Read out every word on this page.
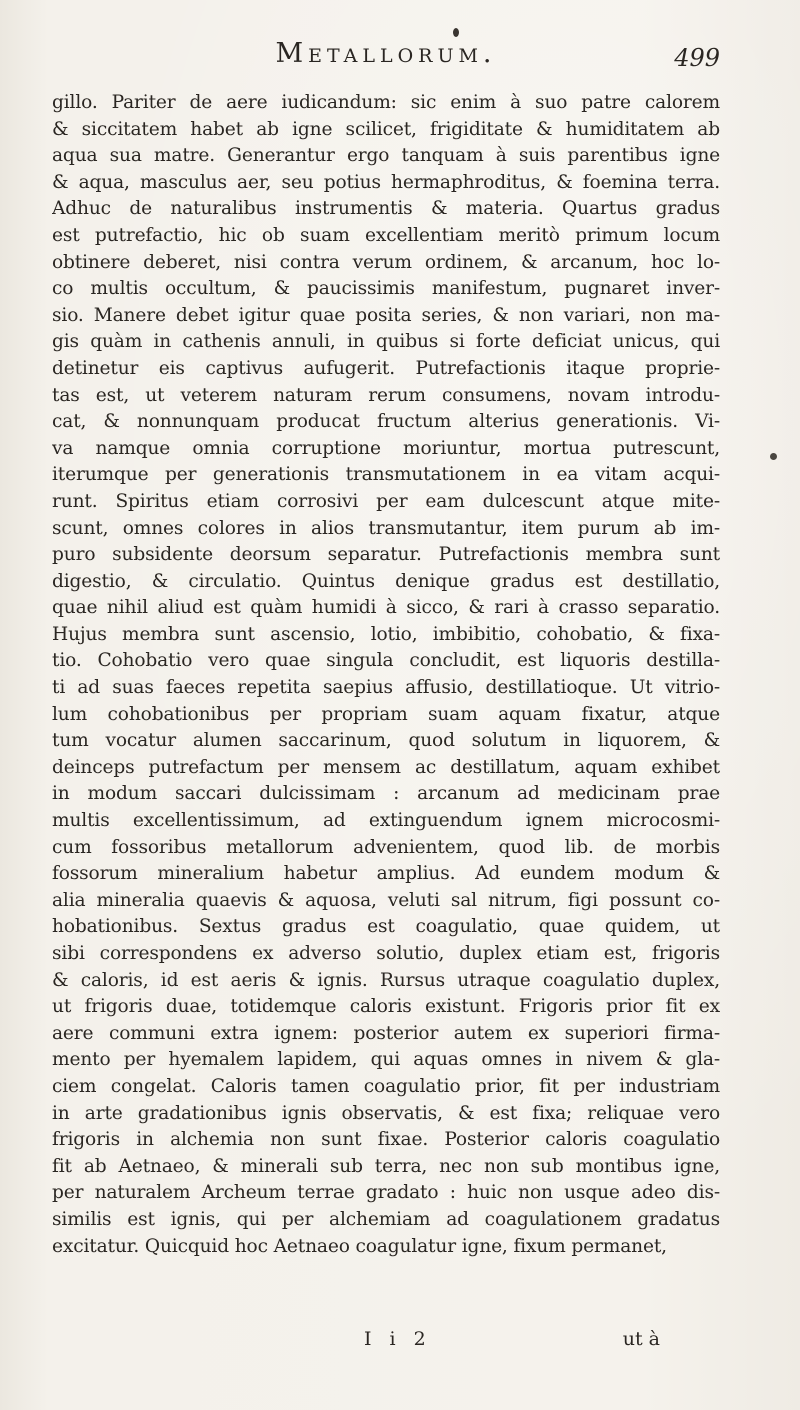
Metallorum.	499
gillo. Pariter de aere iudicandum: sic enim à suo patre calorem
& siccitatem habet ab igne scilicet, frigiditate & humiditatem ab
aqua sua matre. Generantur ergo tanquam à suis parentibus igne
& aqua, masculus aer, seu potius hermaphroditus, & foemina terra.
Adhuc de naturalibus instrumentis & materia. Quartus gradus
est putrefactio, hic ob suam excellentiam meritò primum locum
obtinere deberet, nisi contra verum ordinem, & arcanum, hoc lo-
co multis occultum, & paucissimis manifestum, pugnaret inver-
sio. Manere debet igitur quae posita series, & non variari, non ma-
gis quàm in cathenis annuli, in quibus si forte deficiat unicus, qui
detinetur eis captivus aufugerit. Putrefactionis itaque proprie-
tas est, ut veterem naturam rerum consumens, novam introdu-
cat, & nonnunquam producat fructum alterius generationis. Vi-
va namque omnia corruptione moriuntur, mortua putrescunt,
iterumque per generationis transmutationem in ea vitam acqui-
runt. Spiritus etiam corrosivi per eam dulcescunt atque mite-
scunt, omnes colores in alios transmutantur, item purum ab im-
puro subsidente deorsum separatur. Putrefactionis membra sunt
digestio, & circulatio. Quintus denique gradus est destillatio,
quae nihil aliud est quàm humidi à sicco, & rari à crasso separatio.
Hujus membra sunt ascensio, lotio, imbibitio, cohobatio, & fixa-
tio. Cohobatio vero quae singula concludit, est liquoris destilla-
ti ad suas faeces repetita saepius affusio, destillatioque. Ut vitrio-
lum cohobationibus per propriam suam aquam fixatur, atque
tum vocatur alumen saccarinum, quod solutum in liquorem, &
deinceps putrefactum per mensem ac destillatum, aquam exhibet
in modum saccari dulcissimam : arcanum ad medicinam prae
multis excellentissimum, ad extinguendum ignem microcosmi-
cum fossoribus metallorum advenientem, quod lib. de morbis
fossorum mineralium habetur amplius. Ad eundem modum &
alia mineralia quaevis & aquosa, veluti sal nitrum, figi possunt co-
hobationibus. Sextus gradus est coagulatio, quae quidem, ut
sibi correspondens ex adverso solutio, duplex etiam est, frigoris
& caloris, id est aeris & ignis. Rursus utraque coagulatio duplex,
ut frigoris duae, totidemque caloris existunt. Frigoris prior fit ex
aere communi extra ignem: posterior autem ex superiori firma-
mento per hyemalem lapidem, qui aquas omnes in nivem & gla-
ciem congelat. Caloris tamen coagulatio prior, fit per industriam
in arte gradationibus ignis observatis, & est fixa; reliquae vero
frigoris in alchemia non sunt fixae. Posterior caloris coagulatio
fit ab Aetnaeo, & minerali sub terra, nec non sub montibus igne,
per naturalem Archeum terrae gradato : huic non usque adeo dis-
similis est ignis, qui per alchemiam ad coagulationem gradatus
excitatur. Quicquid hoc Aetnaeo coagulatur igne, fixum permanet,
I i 2	ut à
